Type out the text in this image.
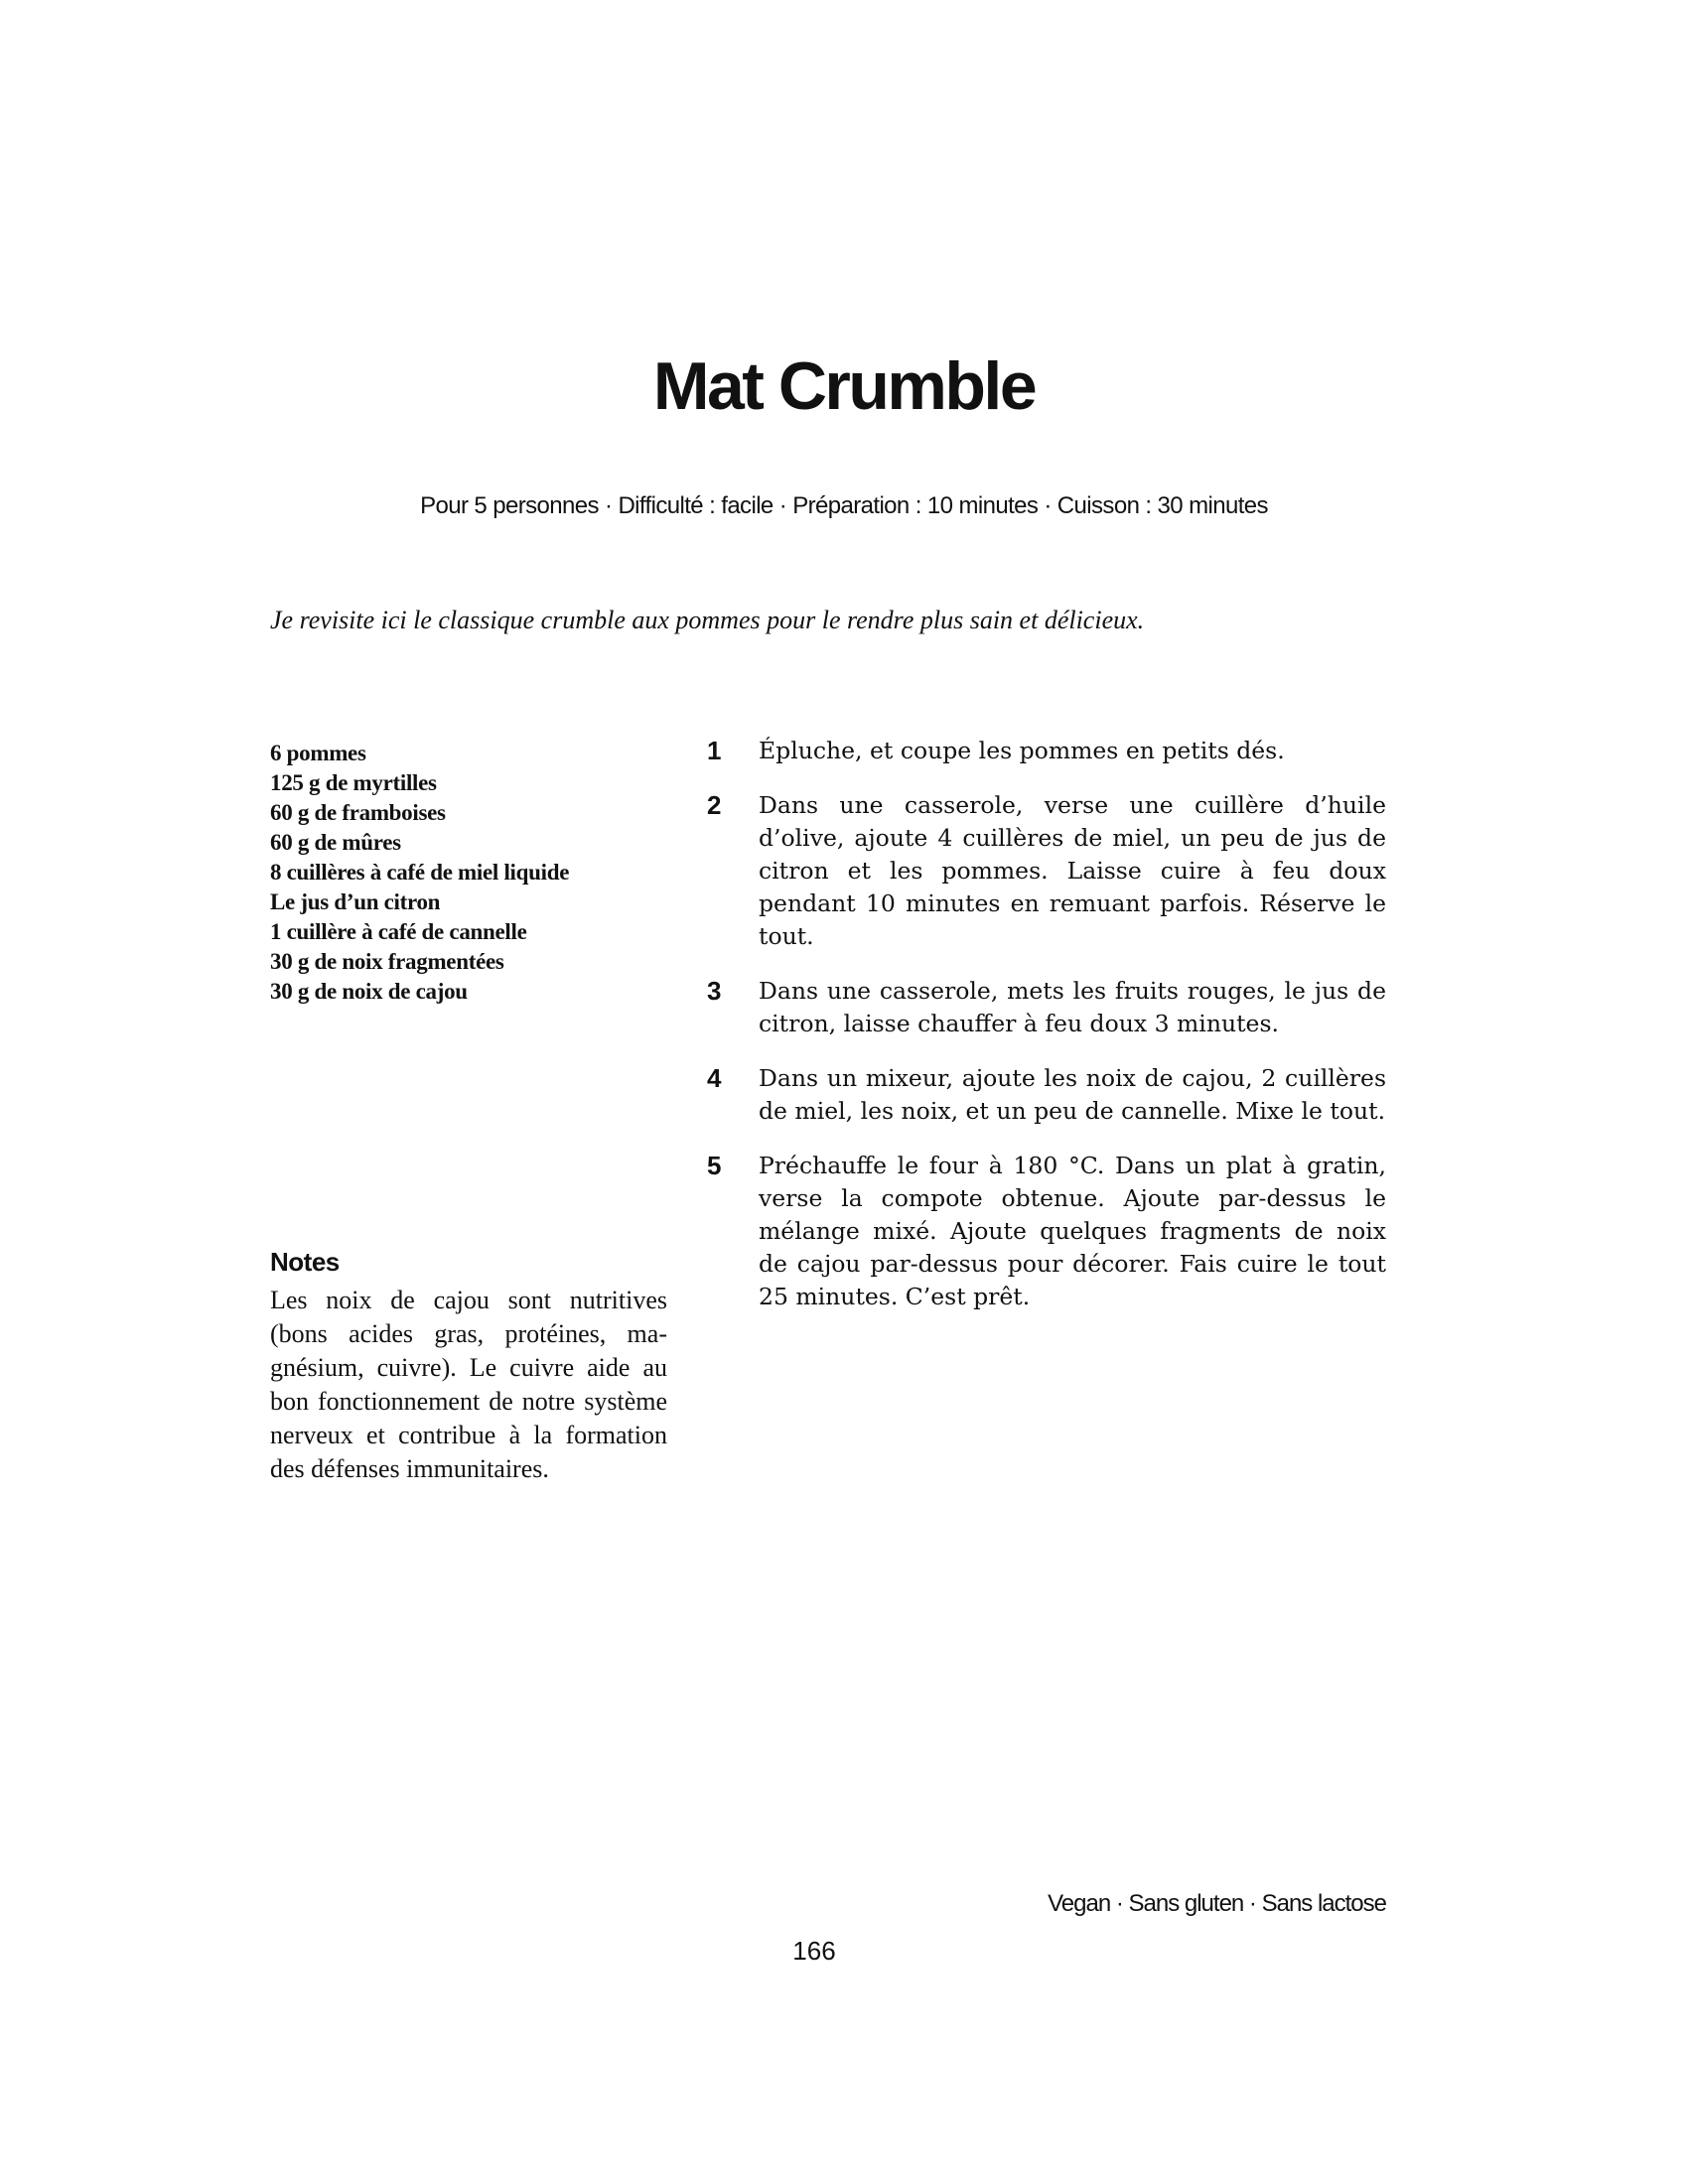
Mat Crumble

Pour 5 personnes · Difficulté : facile · Préparation : 10 minutes · Cuisson : 30 minutes

Je revisite ici le classique crumble aux pommes pour le rendre plus sain et délicieux.

6 pommes
125 g de myrtilles
60 g de framboises
60 g de mûres
8 cuillères à café de miel liquide
Le jus d’un citron
1 cuillère à café de cannelle
30 g de noix fragmentées
30 g de noix de cajou
Notes

Les noix de cajou sont nutritives (bons acides gras, protéines, magnésium, cuivre). Le cuivre aide au bon fonctionnement de notre système nerveux et contribue à la formation des défenses immunitaires.

1	Épluche, et coupe les pommes en petits dés.

2	Dans une casserole, verse une cuillère d’huile d’olive, ajoute 4 cuillères de miel, un peu de jus de citron et les pommes. Laisse cuire à feu doux pendant 10 minutes en remuant parfois. Réserve le tout.

3	Dans une casserole, mets les fruits rouges, le jus de citron, laisse chauffer à feu doux 3 minutes.

4	Dans un mixeur, ajoute les noix de cajou, 2 cuillères de miel, les noix, et un peu de cannelle. Mixe le tout.

5	Préchauffe le four à 180 °C. Dans un plat à gratin, verse la compote obtenue. Ajoute par-dessus le mélange mixé. Ajoute quelques fragments de noix de cajou par-dessus pour décorer. Fais cuire le tout 25 minutes. C’est prêt.

Vegan · Sans gluten · Sans lactose

166
